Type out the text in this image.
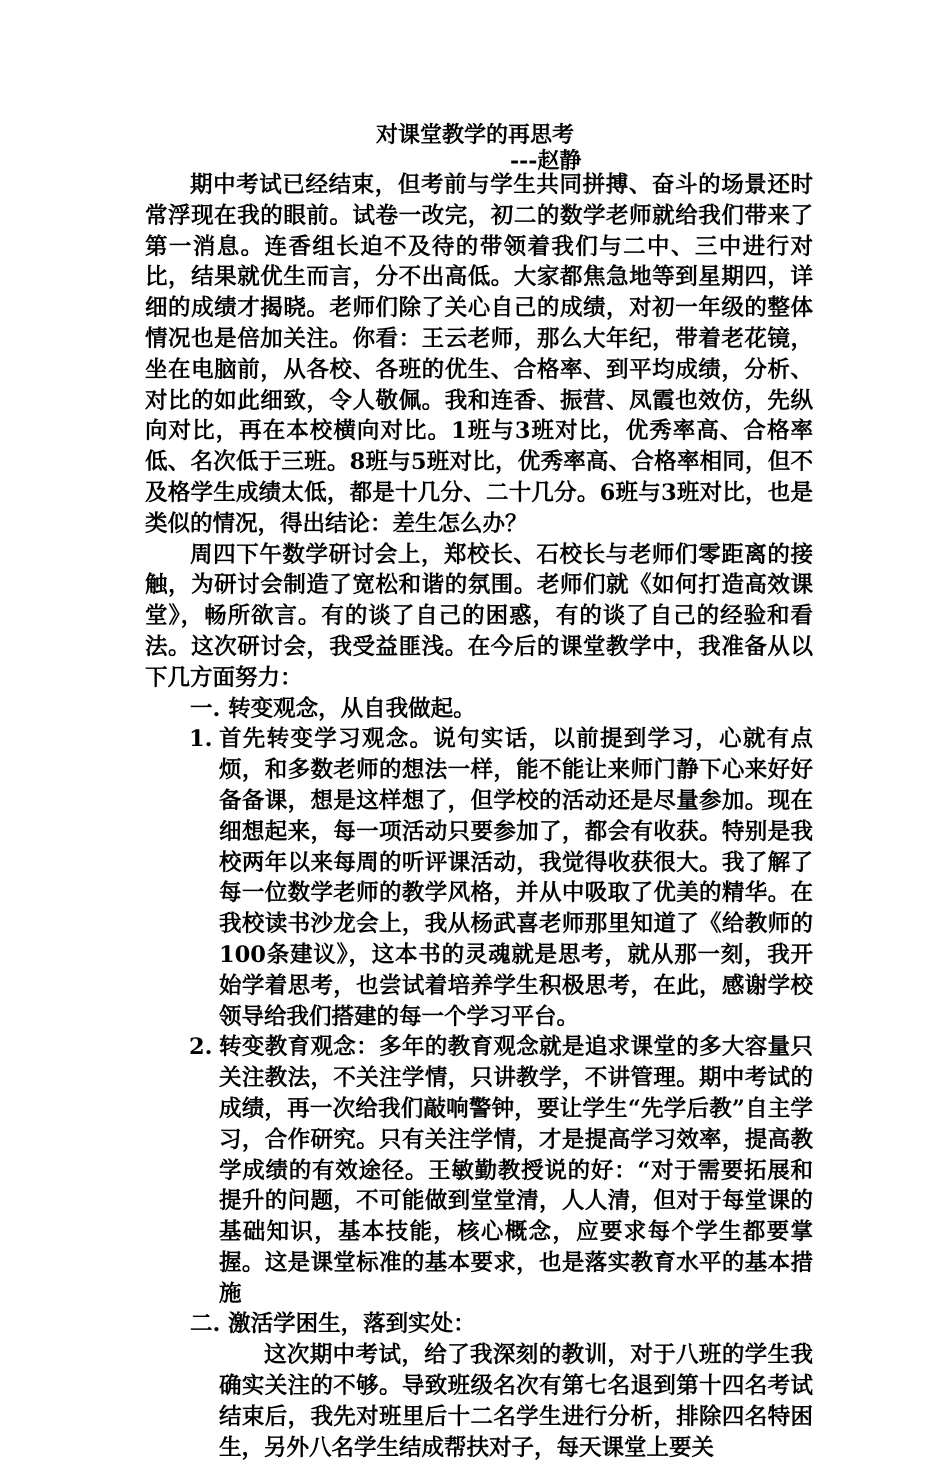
对课堂教学的再思考
---赵静

期中考试已经结束，但考前与学生共同拼搏、奋斗的场景还时常浮现在我的眼前。试卷一改完，初二的数学老师就给我们带来了第一消息。连香组长迫不及待的带领着我们与二中、三中进行对比，结果就优生而言，分不出高低。大家都焦急地等到星期四，详细的成绩才揭晓。老师们除了关心自己的成绩，对初一年级的整体情况也是倍加关注。你看：王云老师，那么大年纪，带着老花镜，坐在电脑前，从各校、各班的优生、合格率、到平均成绩，分析、对比的如此细致，令人敬佩。我和连香、振营、凤霞也效仿，先纵向对比，再在本校横向对比。1班与3班对比，优秀率高、合格率低、名次低于三班。8班与5班对比，优秀率高、合格率相同，但不及格学生成绩太低，都是十几分、二十几分。6班与3班对比，也是类似的情况，得出结论：差生怎么办？

周四下午数学研讨会上，郑校长、石校长与老师们零距离的接触，为研讨会制造了宽松和谐的氛围。老师们就《如何打造高效课堂》，畅所欲言。有的谈了自己的困惑，有的谈了自己的经验和看法。这次研讨会，我受益匪浅。在今后的课堂教学中，我准备从以下几方面努力：

一. 转变观念，从自我做起。

1. 首先转变学习观念。说句实话，以前提到学习，心就有点烦，和多数老师的想法一样，能不能让来师门静下心来好好备备课，想是这样想了，但学校的活动还是尽量参加。现在细想起来，每一项活动只要参加了，都会有收获。特别是我校两年以来每周的听评课活动，我觉得收获很大。我了解了每一位数学老师的教学风格，并从中吸取了优美的精华。在我校读书沙龙会上，我从杨武喜老师那里知道了《给教师的100条建议》，这本书的灵魂就是思考，就从那一刻，我开始学着思考，也尝试着培养学生积极思考，在此，感谢学校领导给我们搭建的每一个学习平台。
2. 转变教育观念：多年的教育观念就是追求课堂的多大容量只关注教法，不关注学情，只讲教学，不讲管理。期中考试的成绩，再一次给我们敲响警钟，要让学生“先学后教”自主学习，合作研究。只有关注学情，才是提高学习效率，提高教学成绩的有效途径。王敏勤教授说的好：“对于需要拓展和提升的问题，不可能做到堂堂清，人人清，但对于每堂课的基础知识，基本技能，核心概念，应要求每个学生都要掌握。这是课堂标准的基本要求，也是落实教育水平的基本措施

二. 激活学困生，落到实处：

这次期中考试，给了我深刻的教训，对于八班的学生我确实关注的不够。导致班级名次有第七名退到第十四名考试结束后，我先对班里后十二名学生进行分析，排除四名特困生，另外八名学生结成帮扶对子，每天课堂上要关
